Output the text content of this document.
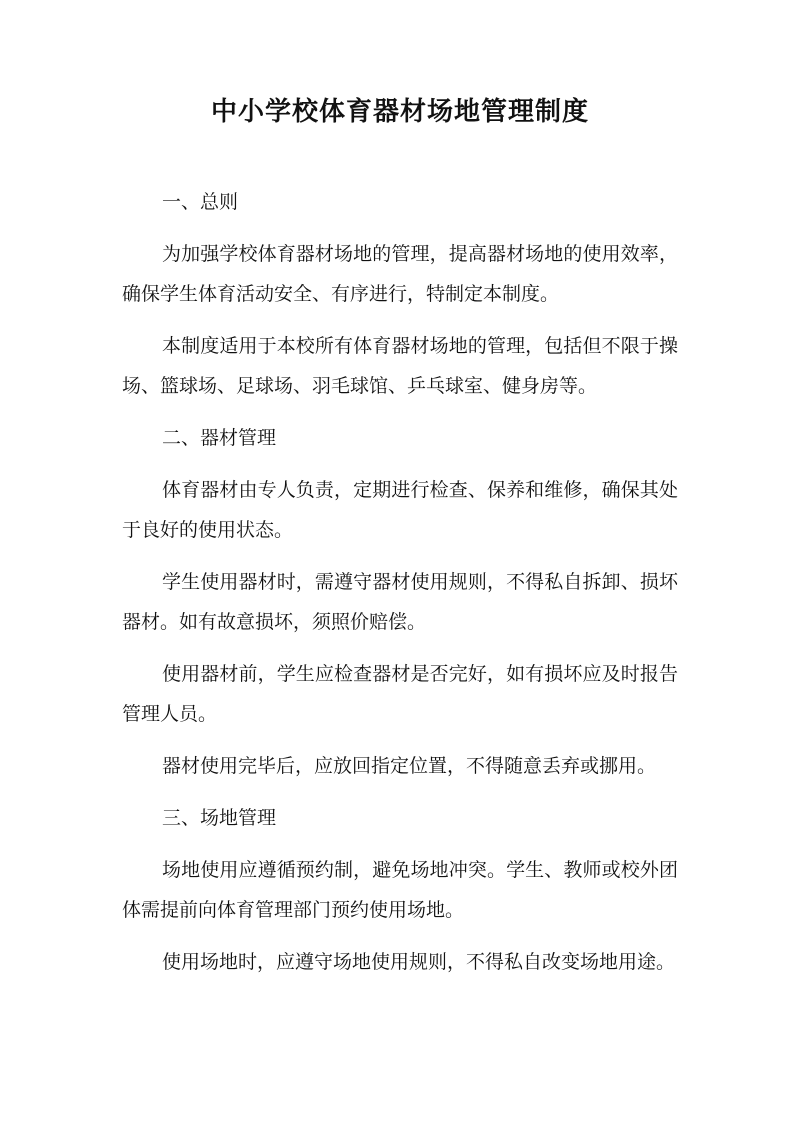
中小学校体育器材场地管理制度

一、总则

为加强学校体育器材场地的管理，提高器材场地的使用效率，确保学生体育活动安全、有序进行，特制定本制度。

本制度适用于本校所有体育器材场地的管理，包括但不限于操场、篮球场、足球场、羽毛球馆、乒乓球室、健身房等。

二、器材管理

体育器材由专人负责，定期进行检查、保养和维修，确保其处于良好的使用状态。

学生使用器材时，需遵守器材使用规则，不得私自拆卸、损坏器材。如有故意损坏，须照价赔偿。

使用器材前，学生应检查器材是否完好，如有损坏应及时报告管理人员。

器材使用完毕后，应放回指定位置，不得随意丢弃或挪用。

三、场地管理

场地使用应遵循预约制，避免场地冲突。学生、教师或校外团体需提前向体育管理部门预约使用场地。

使用场地时，应遵守场地使用规则，不得私自改变场地用途。
